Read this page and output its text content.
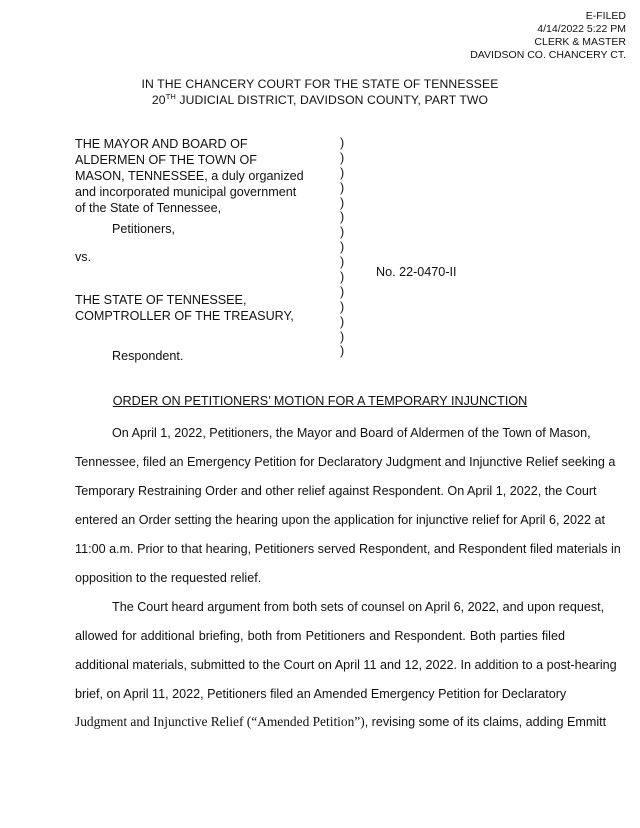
E-FILED
4/14/2022 5:22 PM
CLERK & MASTER
DAVIDSON CO. CHANCERY CT.
IN THE CHANCERY COURT FOR THE STATE OF TENNESSEE
20TH JUDICIAL DISTRICT, DAVIDSON COUNTY, PART TWO
THE MAYOR AND BOARD OF
ALDERMEN OF THE TOWN OF
MASON, TENNESSEE, a duly organized
and incorporated municipal government
of the State of Tennessee,
Petitioners,
vs.
THE STATE OF TENNESSEE,
COMPTROLLER OF THE TREASURY,
Respondent.
)
)
)
)
)
)
)
)
)
)
)
)
)
)
)
No. 22-0470-II
ORDER ON PETITIONERS’ MOTION FOR A TEMPORARY INJUNCTION
On April 1, 2022, Petitioners, the Mayor and Board of Aldermen of the Town of Mason,
Tennessee, filed an Emergency Petition for Declaratory Judgment and Injunctive Relief seeking a
Temporary Restraining Order and other relief against Respondent. On April 1, 2022, the Court
entered an Order setting the hearing upon the application for injunctive relief for April 6, 2022 at
11:00 a.m. Prior to that hearing, Petitioners served Respondent, and Respondent filed materials in
opposition to the requested relief.
The Court heard argument from both sets of counsel on April 6, 2022, and upon request,
allowed for additional briefing, both from Petitioners and Respondent. Both parties filed
additional materials, submitted to the Court on April 11 and 12, 2022. In addition to a post-hearing
brief, on April 11, 2022, Petitioners filed an Amended Emergency Petition for Declaratory
Judgment and Injunctive Relief (“Amended Petition”) , revising some of its claims, adding Emmitt
